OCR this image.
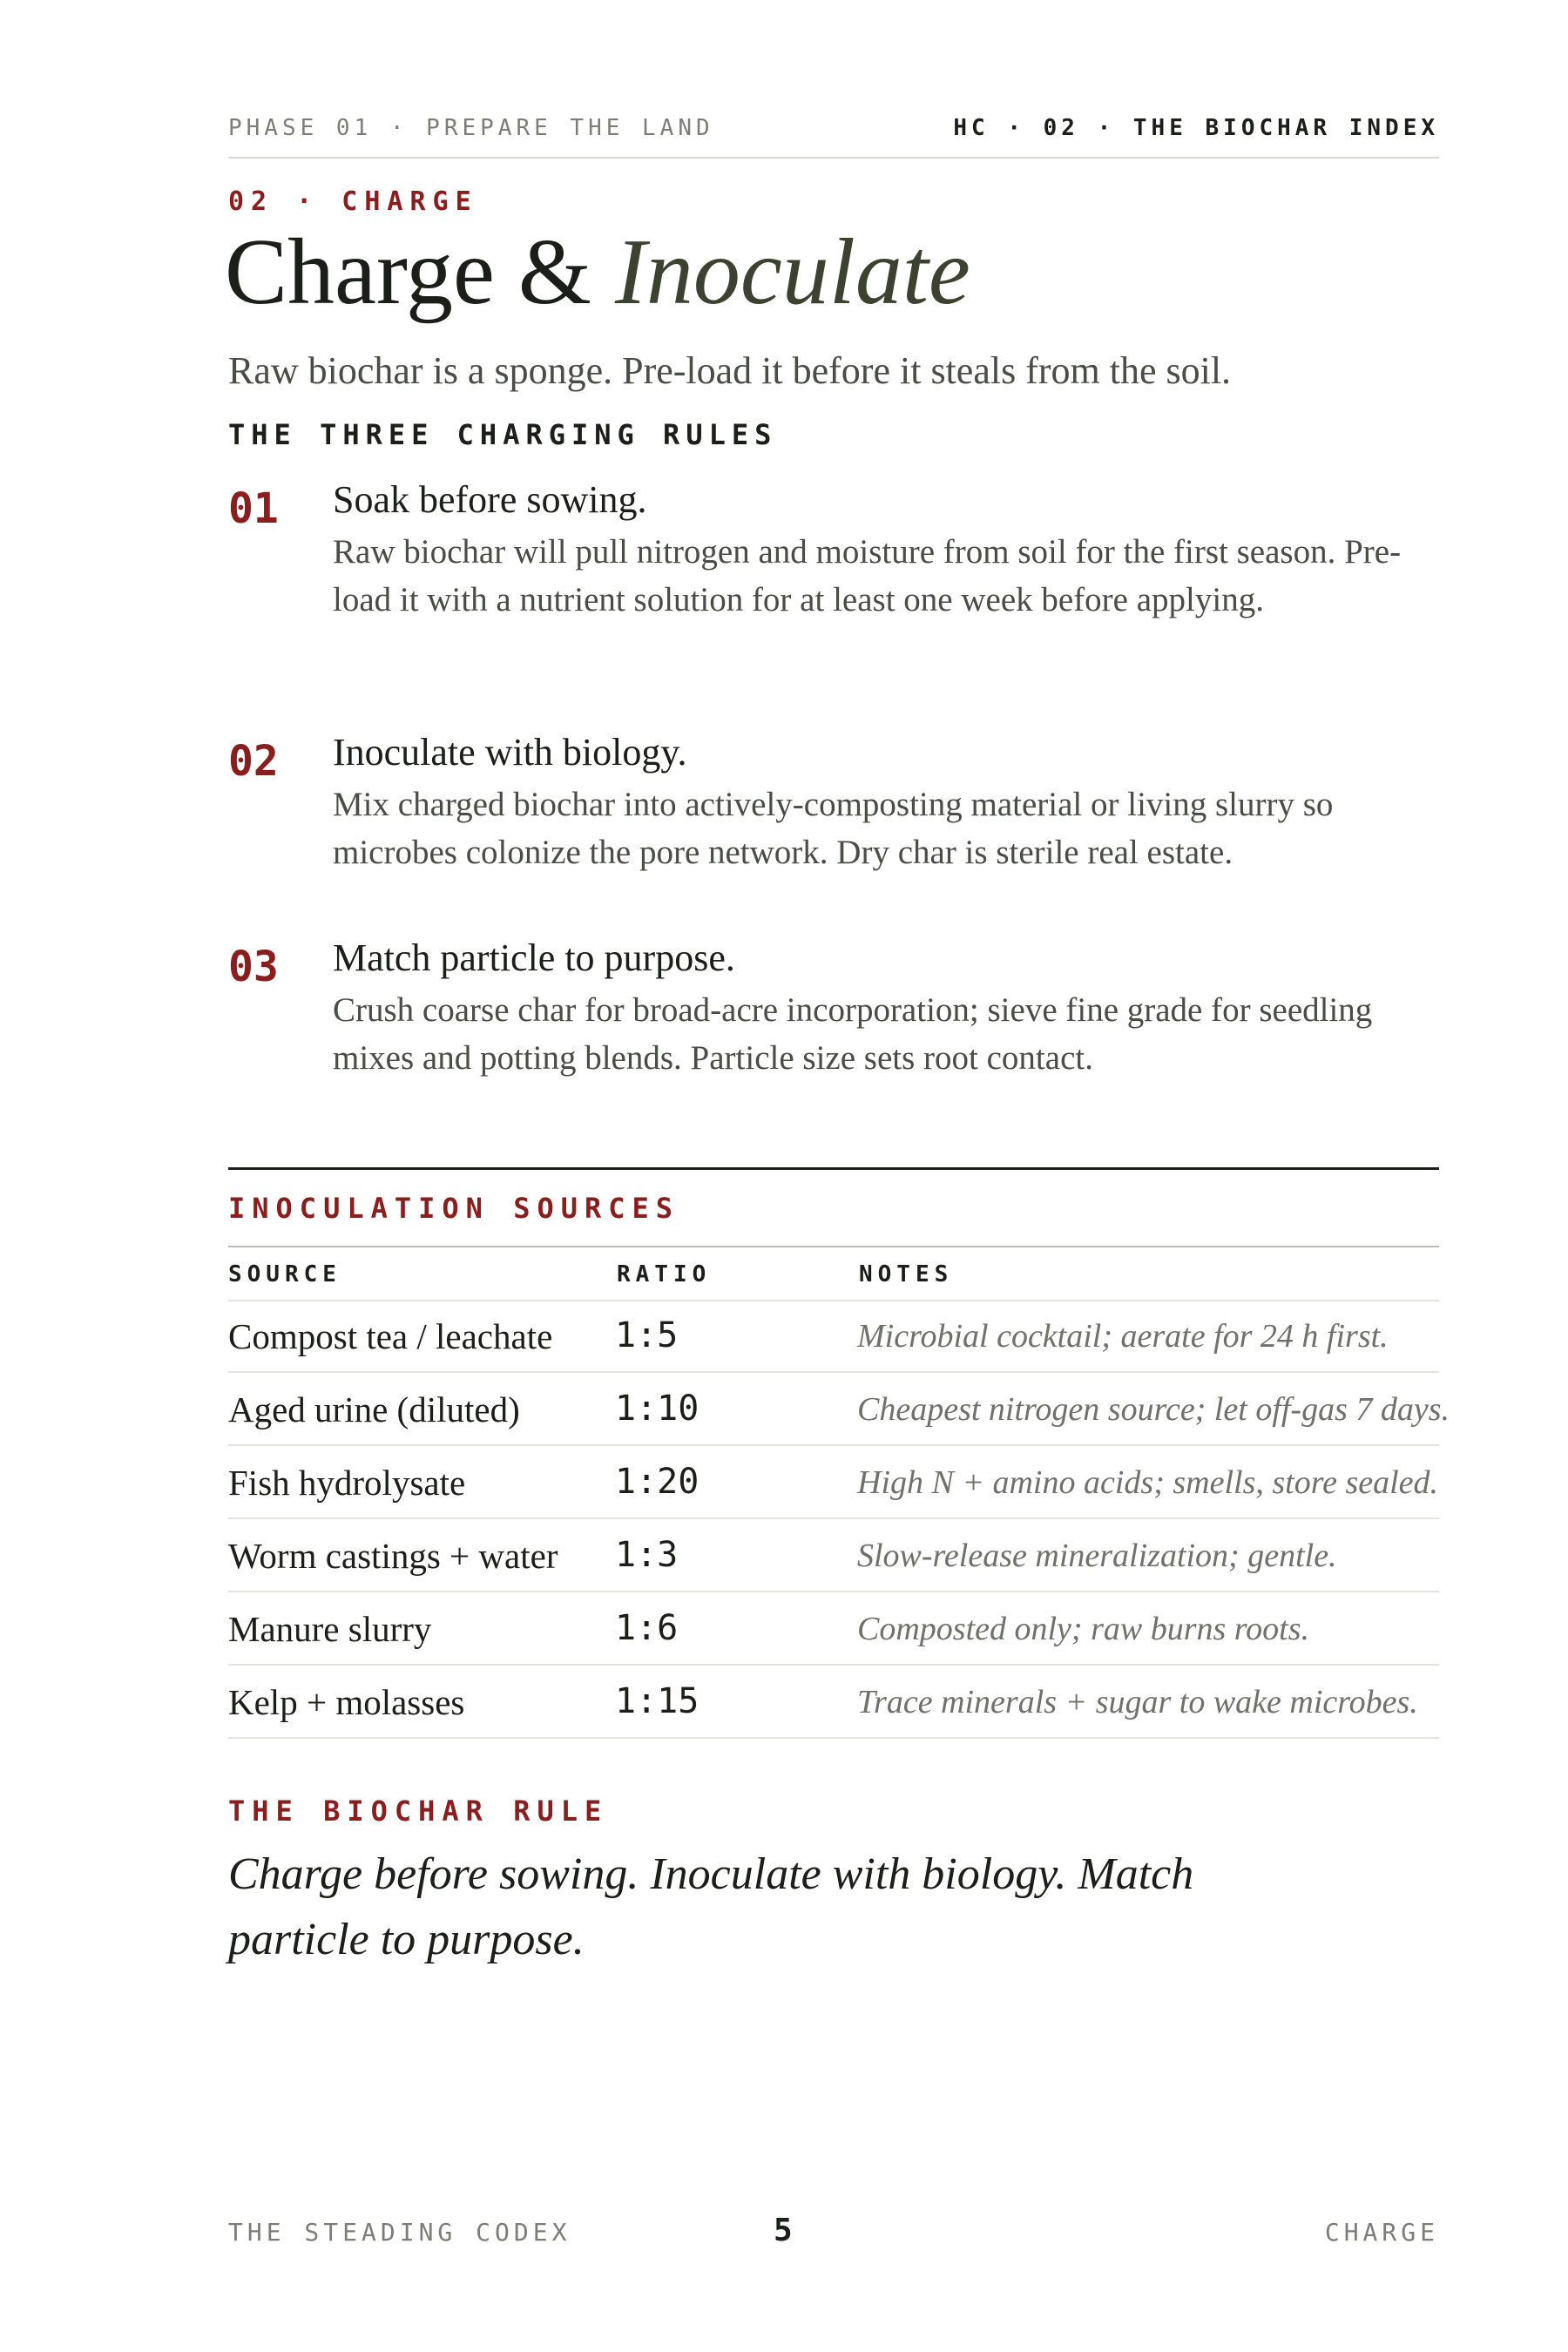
PHASE 01 · PREPARE THE LAND	HC · 02 · THE BIOCHAR INDEX
02 · CHARGE
Charge & Inoculate
Raw biochar is a sponge. Pre-load it before it steals from the soil.
THE THREE CHARGING RULES
01 Soak before sowing.
Raw biochar will pull nitrogen and moisture from soil for the first season. Pre-load it with a nutrient solution for at least one week before applying.
02 Inoculate with biology.
Mix charged biochar into actively-composting material or living slurry so microbes colonize the pore network. Dry char is sterile real estate.
03 Match particle to purpose.
Crush coarse char for broad-acre incorporation; sieve fine grade for seedling mixes and potting blends. Particle size sets root contact.
INOCULATION SOURCES
SOURCE	RATIO	NOTES
Compost tea / leachate 1:5	Microbial cocktail; aerate for 24 h first.
Aged urine (diluted)	1:10	Cheapest nitrogen source; let off-gas 7 days.
Fish hydrolysate	1:20	High N + amino acids; smells, store sealed.
Worm castings + water 1:3	Slow-release mineralization; gentle.
Manure slurry	1:6	Composted only; raw burns roots.
Kelp + molasses	1:15	Trace minerals + sugar to wake microbes.
THE BIOCHAR RULE
Charge before sowing. Inoculate with biology. Match particle to purpose.
THE STEADING CODEX	5	CHARGE
